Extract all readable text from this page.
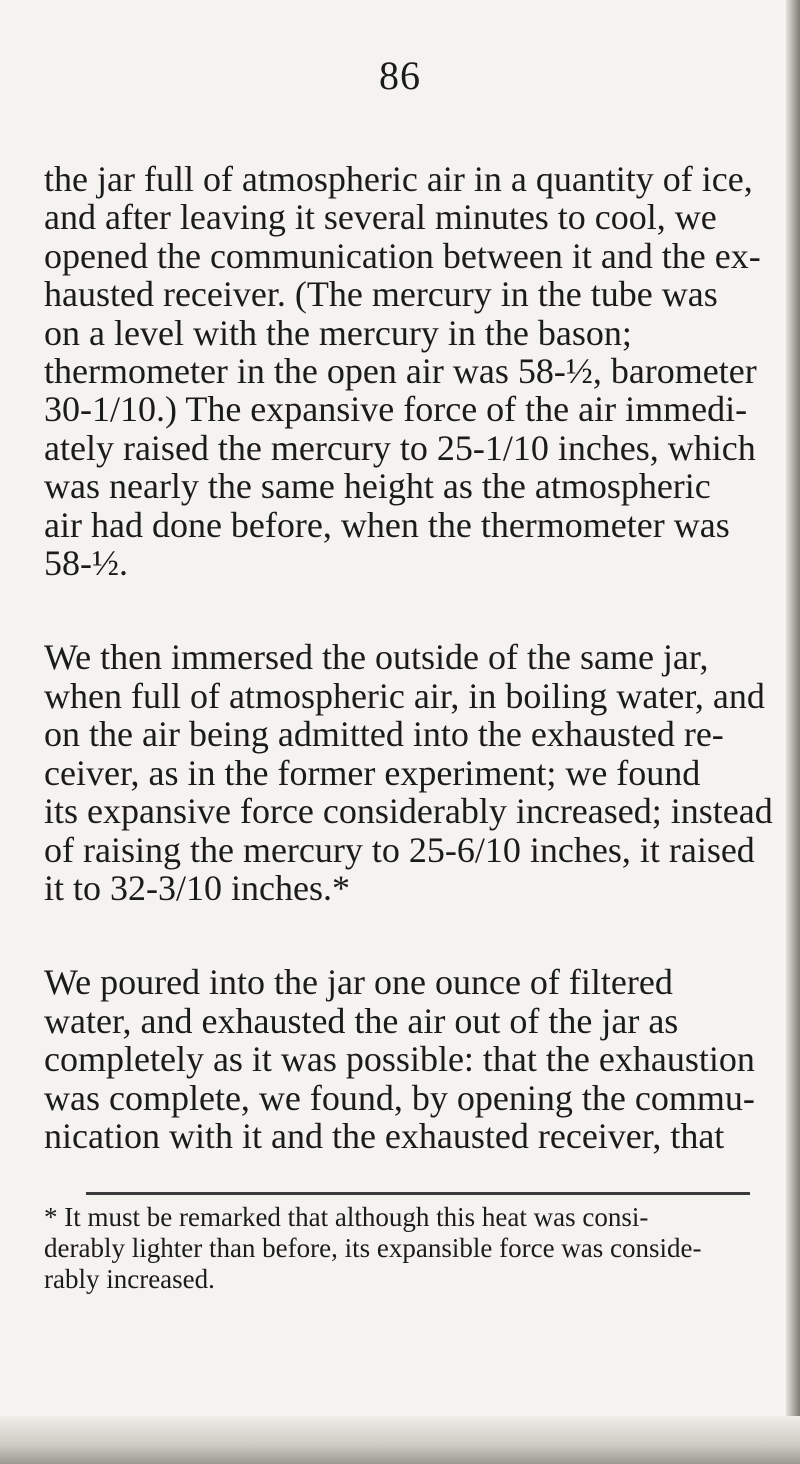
86
the jar full of atmospheric air in a quantity of ice,
and after leaving it several minutes to cool, we
opened the communication between it and the ex-
hausted receiver. (The mercury in the tube was
on a level with the mercury in the bason;
thermometer in the open air was 58-½, barometer
30-1/10.) The expansive force of the air immedi-
ately raised the mercury to 25-1/10 inches, which
was nearly the same height as the atmospheric
air had done before, when the thermometer was
58-½.
We then immersed the outside of the same jar,
when full of atmospheric air, in boiling water, and
on the air being admitted into the exhausted re-
ceiver, as in the former experiment; we found
its expansive force considerably increased; instead
of raising the mercury to 25-6/10 inches, it raised
it to 32-3/10 inches.*
We poured into the jar one ounce of filtered
water, and exhausted the air out of the jar as
completely as it was possible: that the exhaustion
was complete, we found, by opening the commu-
nication with it and the exhausted receiver, that
* It must be remarked that although this heat was consi-
derably lighter than before, its expansible force was conside-
rably increased.
